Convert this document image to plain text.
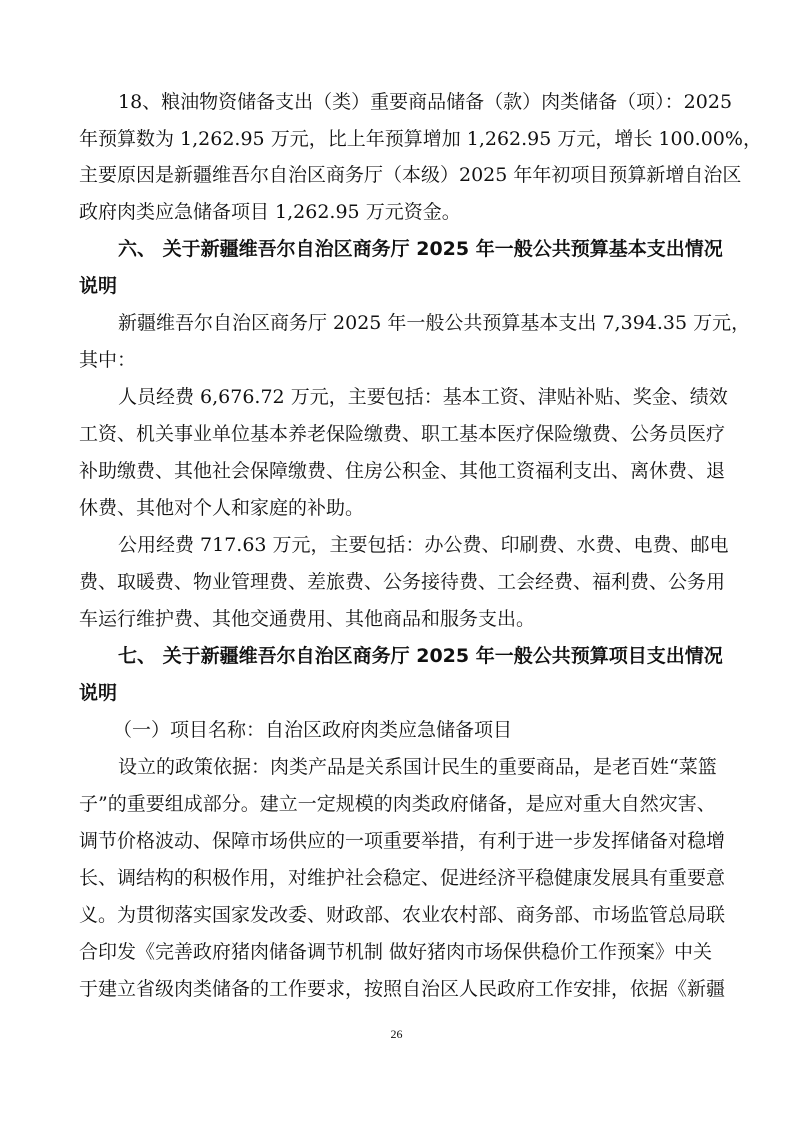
18、粮油物资储备支出（类）重要商品储备（款）肉类储备（项）：2025
年预算数为 1,262.95 万元，比上年预算增加 1,262.95 万元，增长 100.00%，
主要原因是新疆维吾尔自治区商务厅（本级）2025 年年初项目预算新增自治区
政府肉类应急储备项目 1,262.95 万元资金。
六、 关于新疆维吾尔自治区商务厅 2025 年一般公共预算基本支出情况
说明
新疆维吾尔自治区商务厅 2025 年一般公共预算基本支出 7,394.35 万元，
其中：
人员经费 6,676.72 万元，主要包括：基本工资、津贴补贴、奖金、绩效
工资、机关事业单位基本养老保险缴费、职工基本医疗保险缴费、公务员医疗
补助缴费、其他社会保障缴费、住房公积金、其他工资福利支出、离休费、退
休费、其他对个人和家庭的补助。
公用经费 717.63 万元，主要包括：办公费、印刷费、水费、电费、邮电
费、取暖费、物业管理费、差旅费、公务接待费、工会经费、福利费、公务用
车运行维护费、其他交通费用、其他商品和服务支出。
七、 关于新疆维吾尔自治区商务厅 2025 年一般公共预算项目支出情况
说明
（一）项目名称：自治区政府肉类应急储备项目
设立的政策依据：肉类产品是关系国计民生的重要商品，是老百姓“菜篮
子”的重要组成部分。建立一定规模的肉类政府储备，是应对重大自然灾害、
调节价格波动、保障市场供应的一项重要举措，有利于进一步发挥储备对稳增
长、调结构的积极作用，对维护社会稳定、促进经济平稳健康发展具有重要意
义。为贯彻落实国家发改委、财政部、农业农村部、商务部、市场监管总局联
合印发《完善政府猪肉储备调节机制 做好猪肉市场保供稳价工作预案》中关
于建立省级肉类储备的工作要求，按照自治区人民政府工作安排，依据《新疆
26
